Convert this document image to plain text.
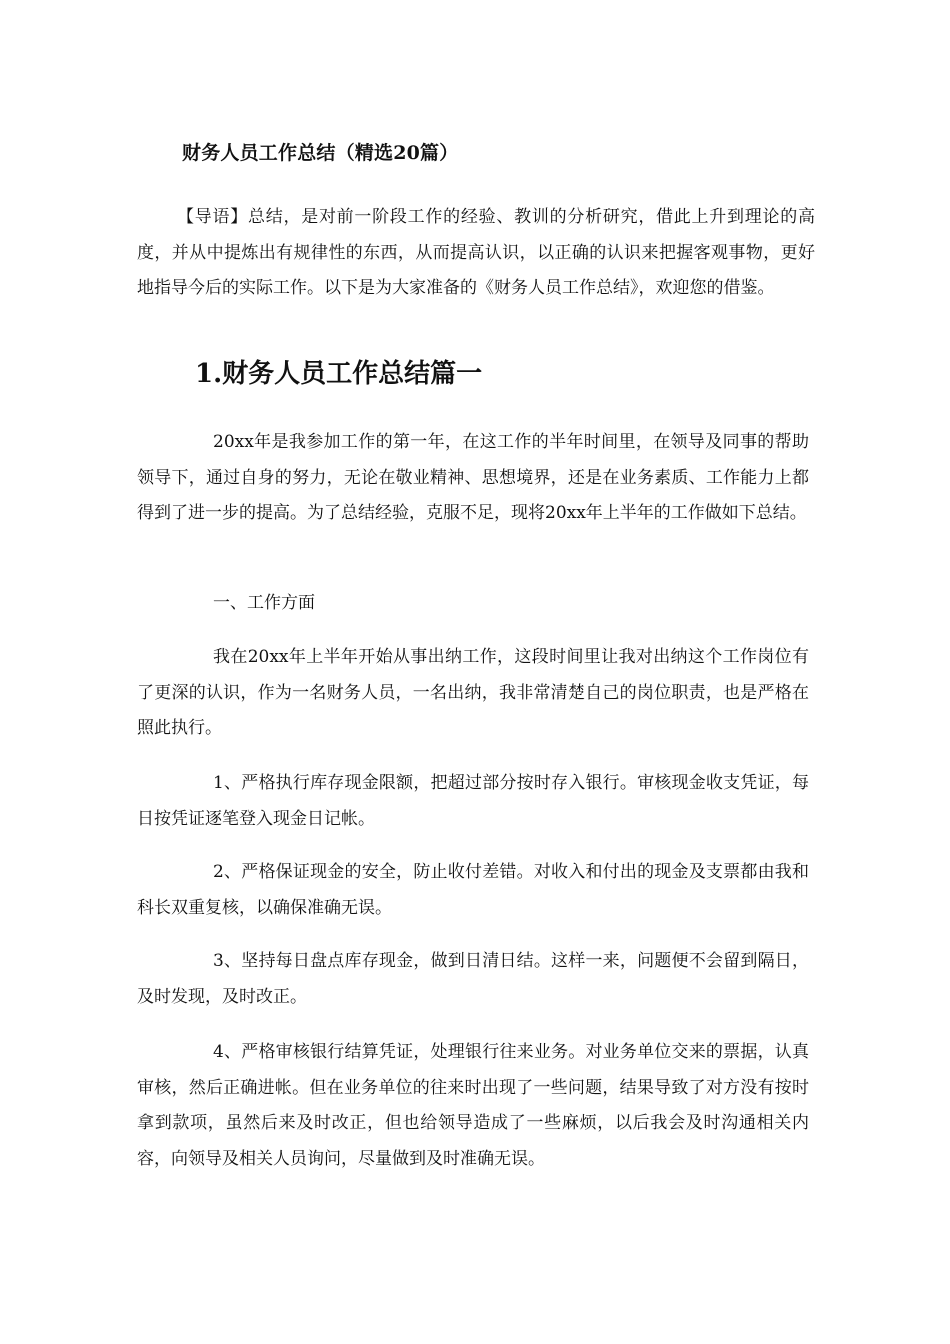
财务人员工作总结（精选20篇）
【导语】总结，是对前一阶段工作的经验、教训的分析研究，借此上升到理论的高度，并从中提炼出有规律性的东西，从而提高认识，以正确的认识来把握客观事物，更好地指导今后的实际工作。以下是为大家准备的《财务人员工作总结》，欢迎您的借鉴。
1.财务人员工作总结篇一

20xx年是我参加工作的第一年，在这工作的半年时间里，在领导及同事的帮助领导下，通过自身的努力，无论在敬业精神、思想境界，还是在业务素质、工作能力上都得到了进一步的提高。为了总结经验，克服不足，现将20xx年上半年的工作做如下总结。

一、工作方面

我在20xx年上半年开始从事出纳工作，这段时间里让我对出纳这个工作岗位有了更深的认识，作为一名财务人员，一名出纳，我非常清楚自己的岗位职责，也是严格在照此执行。

1、严格执行库存现金限额，把超过部分按时存入银行。审核现金收支凭证，每日按凭证逐笔登入现金日记帐。

2、严格保证现金的安全，防止收付差错。对收入和付出的现金及支票都由我和科长双重复核，以确保准确无误。

3、坚持每日盘点库存现金，做到日清日结。这样一来，问题便不会留到隔日，及时发现，及时改正。

4、严格审核银行结算凭证，处理银行往来业务。对业务单位交来的票据，认真审核，然后正确进帐。但在业务单位的往来时出现了一些问题，结果导致了对方没有按时拿到款项，虽然后来及时改正，但也给领导造成了一些麻烦，以后我会及时沟通相关内容，向领导及相关人员询问，尽量做到及时准确无误。
